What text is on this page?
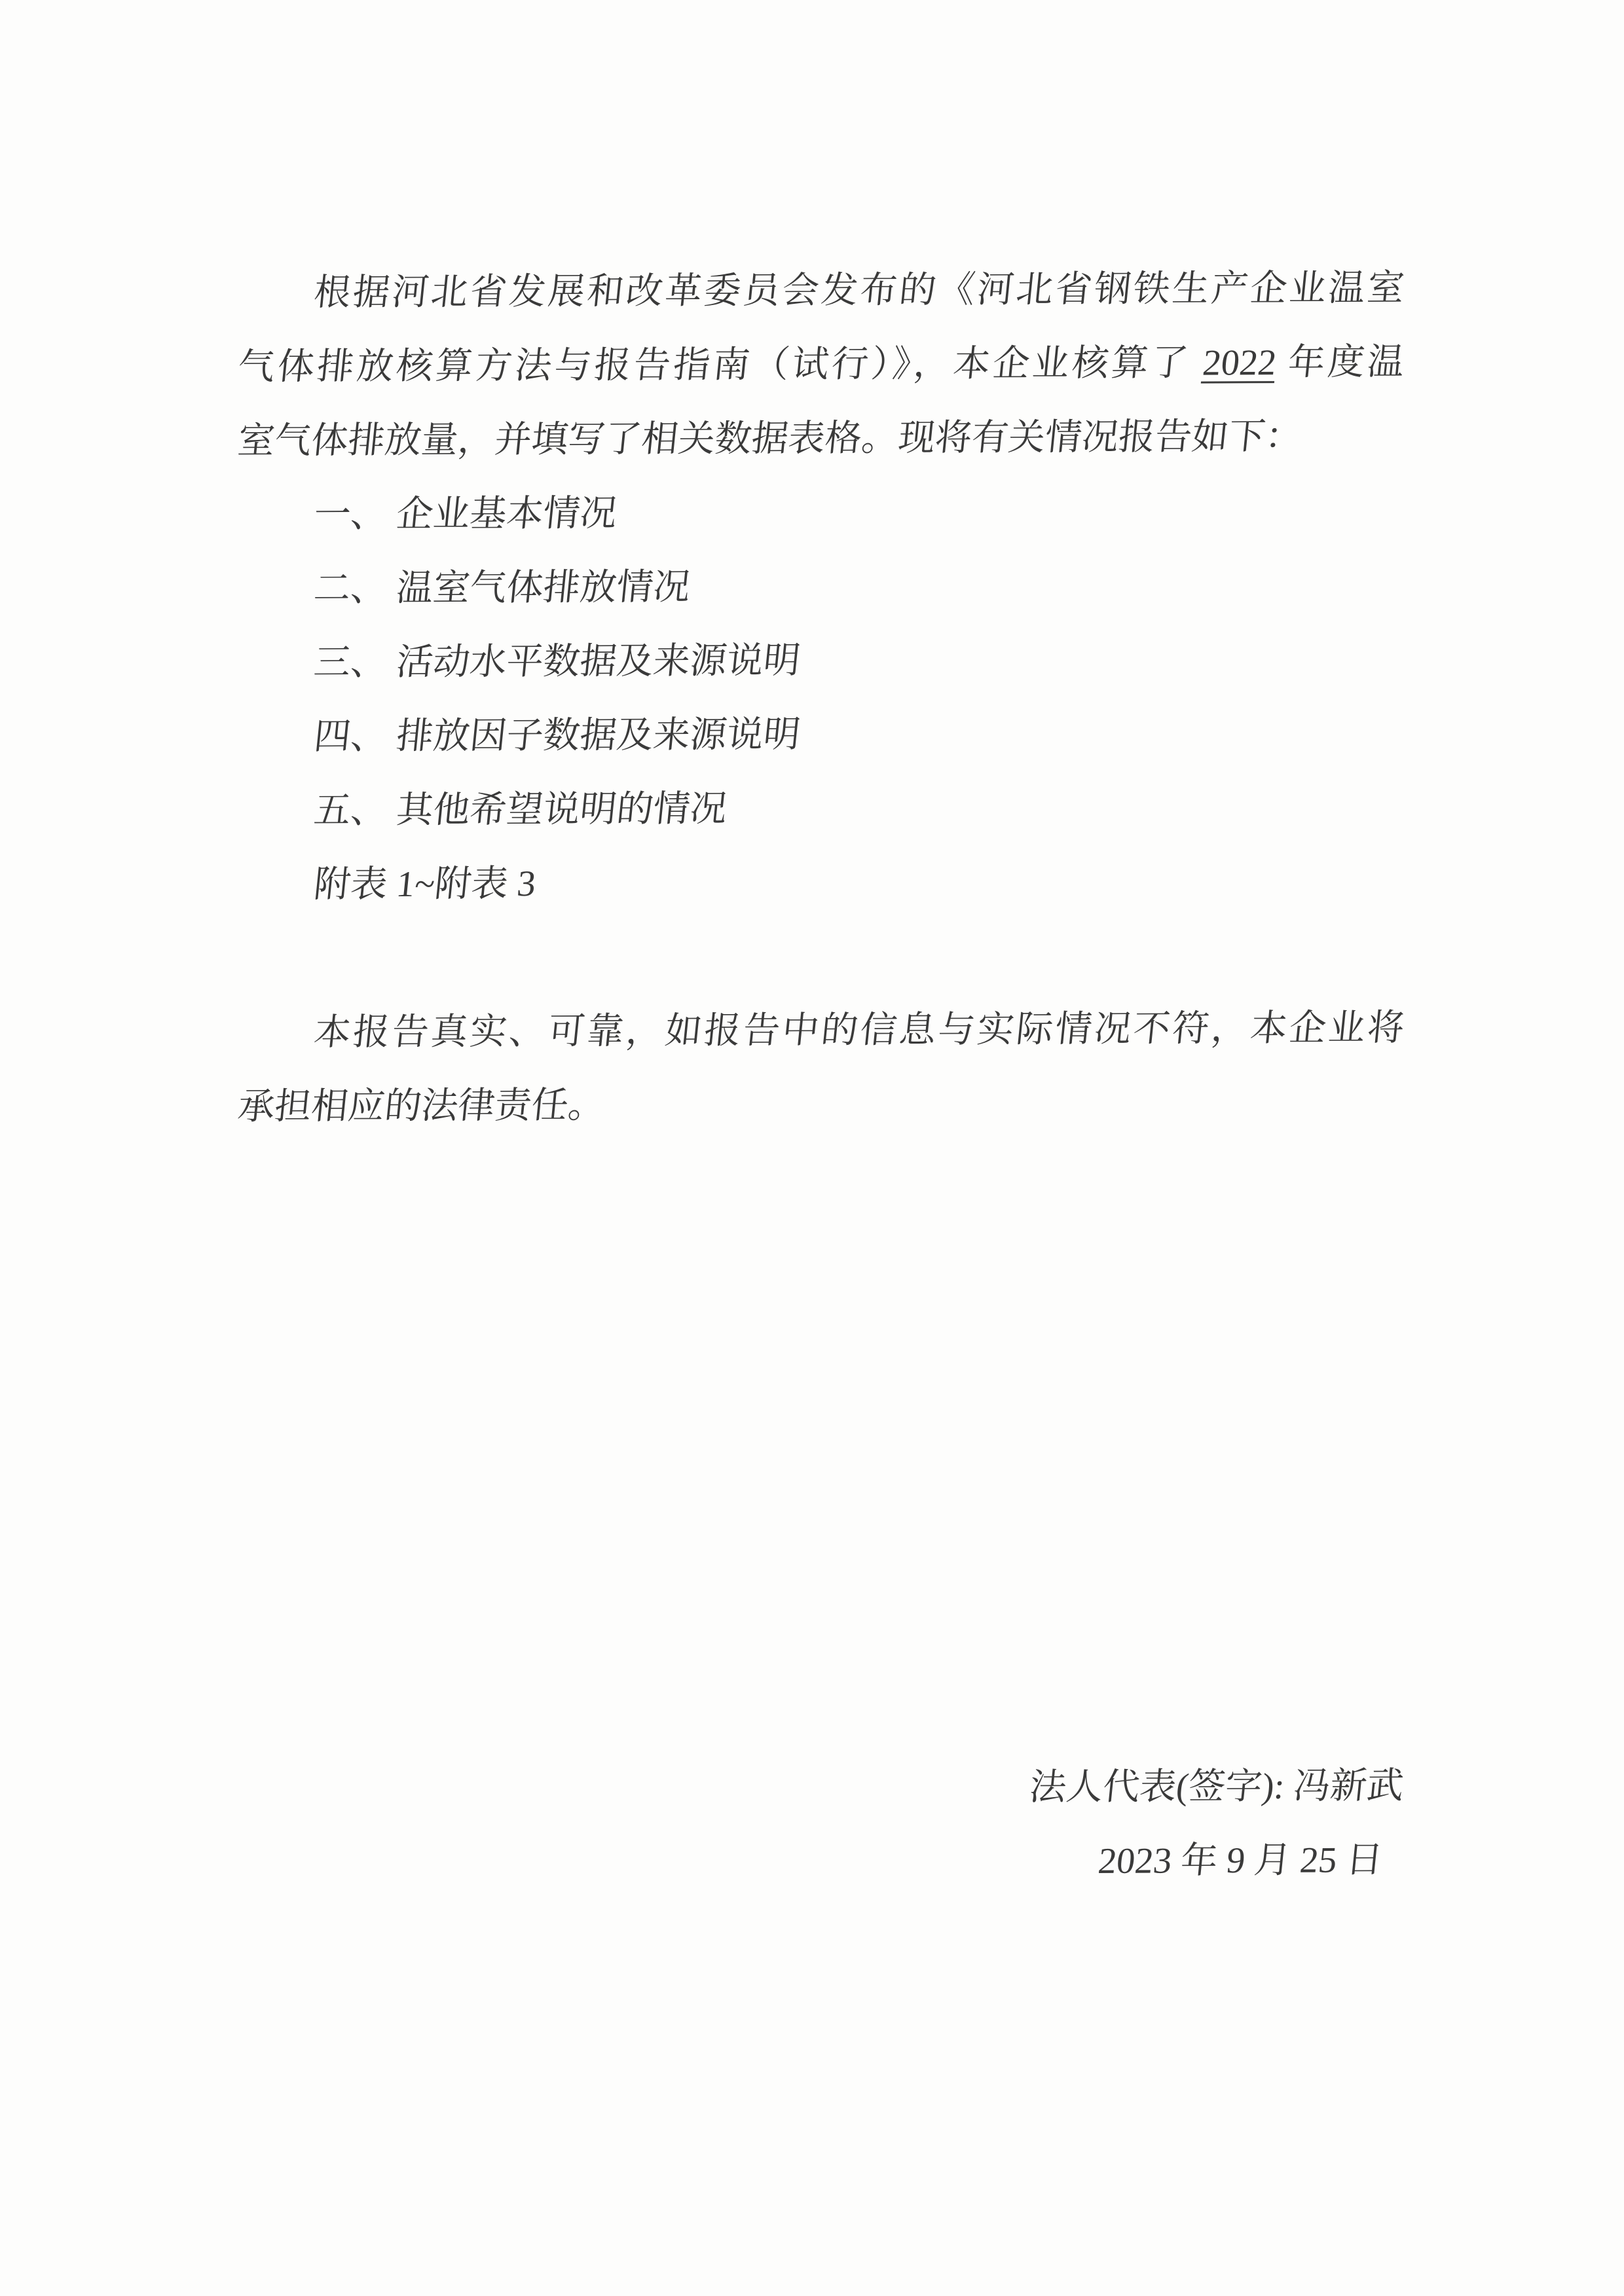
根据河北省发展和改革委员会发布的《河北省钢铁生产企业温室

气体排放核算方法与报告指南（试行）》，本企业核算了 2022 年度温

室气体排放量，并填写了相关数据表格。现将有关情况报告如下：

一、 企业基本情况

二、 温室气体排放情况

三、 活动水平数据及来源说明

四、 排放因子数据及来源说明

五、 其他希望说明的情况

附表 1~附表 3

本报告真实、可靠，如报告中的信息与实际情况不符，本企业将

承担相应的法律责任。

法人代表(签字): 冯新武

2023 年 9 月 25 日
